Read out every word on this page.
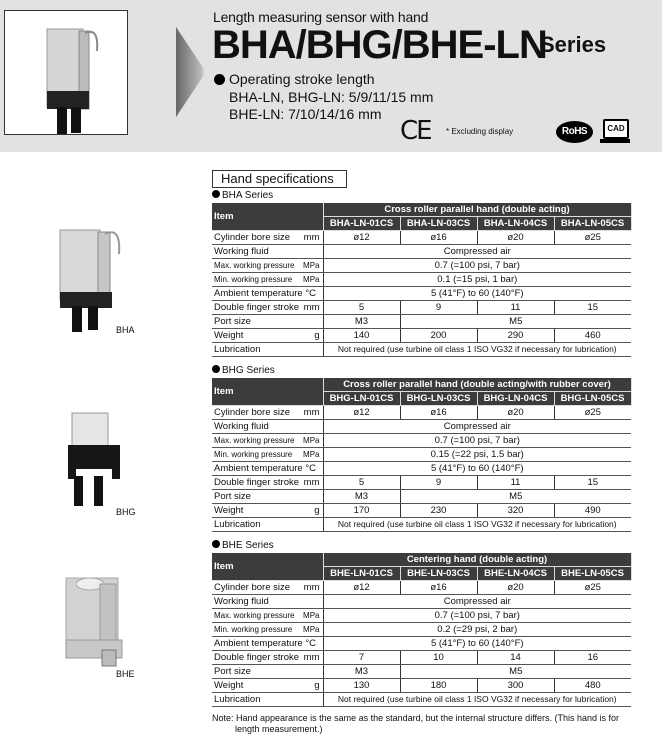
Length measuring sensor with hand
BHA/BHG/BHE-LN
Series
Operating stroke length
BHA-LN, BHG-LN: 5/9/11/15 mm
BHE-LN: 7/10/14/16 mm
CE * Excluding display	RoHS	CAD
Hand specifications
BHA
BHG
BHE
BHA Series
Item	Cross roller parallel hand (double acting)			
	BHA-LN-01CS	BHA-LN-03CS	BHA-LN-04CS	BHA-LN-05CS
Cylinder bore size mm	ø12	ø16	ø20	ø25
Working fluid	Compressed air			
Max. working pressure MPa	0.7 (=100 psi, 7 bar)			
Min. working pressure MPa	0.1 (=15 psi, 1 bar)			
Ambient temperature °C	5 (41°F) to 60 (140°F)			
Double finger stroke mm	5	9	11	15
Port size	M3	M5		
Weight g	140	200	290	460
Lubrication	Not required (use turbine oil class 1 ISO VG32 if necessary for lubrication)			
BHG Series
Item	Cross roller parallel hand (double acting/with rubber cover)			
	BHG-LN-01CS	BHG-LN-03CS	BHG-LN-04CS	BHG-LN-05CS
Cylinder bore size mm	ø12	ø16	ø20	ø25
Working fluid	Compressed air			
Max. working pressure MPa	0.7 (=100 psi, 7 bar)			
Min. working pressure MPa	0.15 (=22 psi, 1.5 bar)			
Ambient temperature °C	5 (41°F) to 60 (140°F)			
Double finger stroke mm	5	9	11	15
Port size	M3	M5		
Weight g	170	230	320	490
Lubrication	Not required (use turbine oil class 1 ISO VG32 if necessary for lubrication)			
BHE Series
Item	Centering hand (double acting)			
	BHE-LN-01CS	BHE-LN-03CS	BHE-LN-04CS	BHE-LN-05CS
Cylinder bore size mm	ø12	ø16	ø20	ø25
Working fluid	Compressed air			
Max. working pressure MPa	0.7 (=100 psi, 7 bar)			
Min. working pressure MPa	0.2 (=29 psi, 2 bar)			
Ambient temperature °C	5 (41°F) to 60 (140°F)			
Double finger stroke mm	7	10	14	16
Port size	M3	M5		
Weight g	130	180	300	480
Lubrication	Not required (use turbine oil class 1 ISO VG32 if necessary for lubrication)			
Note: Hand appearance is the same as the standard, but the internal structure differs. (This hand is for
length measurement.)
